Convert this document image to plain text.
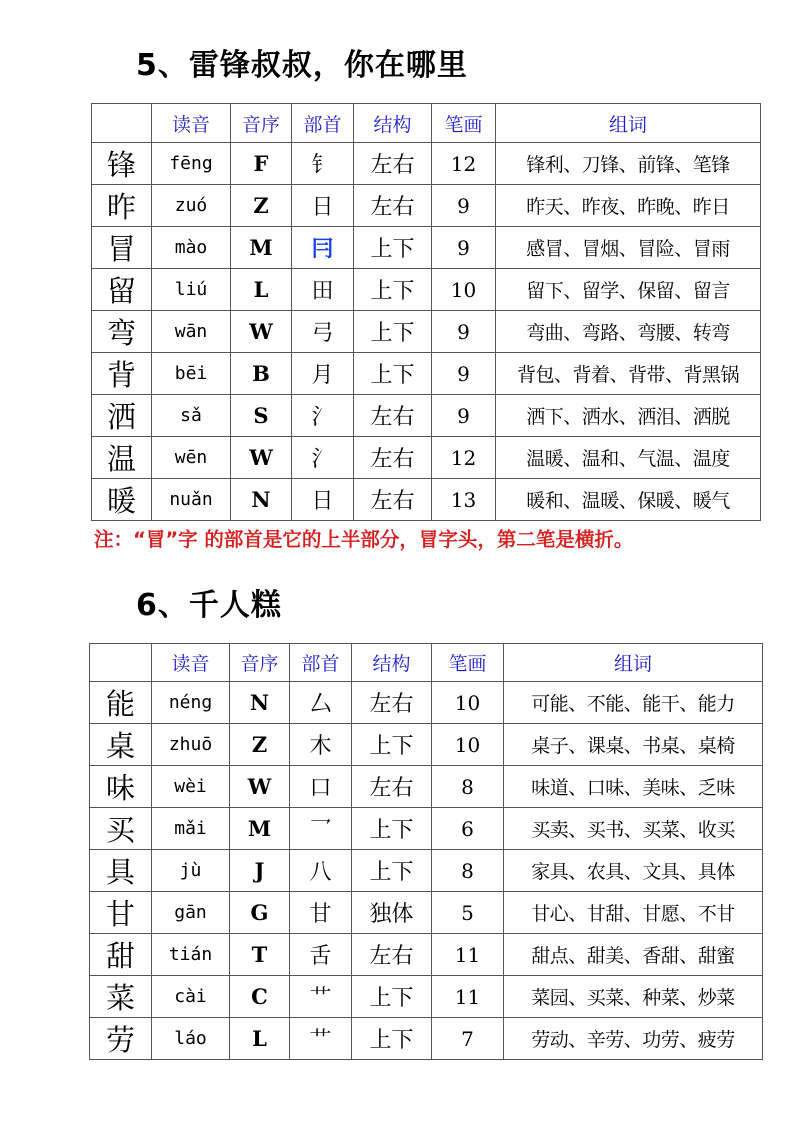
5、雷锋叔叔，你在哪里
	读音	音序	部首	结构	笔画	组词
锋	fēng	F	钅	左右	12	锋利、刀锋、前锋、笔锋
昨	zuó	Z	日	左右	9	昨天、昨夜、昨晚、昨日
冒	mào	M	冃	上下	9	感冒、冒烟、冒险、冒雨
留	liú	L	田	上下	10	留下、留学、保留、留言
弯	wān	W	弓	上下	9	弯曲、弯路、弯腰、转弯
背	bēi	B	月	上下	9	背包、背着、背带、背黑锅
洒	sǎ	S	氵	左右	9	洒下、洒水、洒泪、洒脱
温	wēn	W	氵	左右	12	温暖、温和、气温、温度
暖	nuǎn	N	日	左右	13	暖和、温暖、保暖、暖气
注：“冒”字 的部首是它的上半部分，冒字头，第二笔是横折。
6、千人糕
	读音	音序	部首	结构	笔画	组词
能	néng	N	厶	左右	10	可能、不能、能干、能力
桌	zhuō	Z	木	上下	10	桌子、课桌、书桌、桌椅
味	wèi	W	口	左右	8	味道、口味、美味、乏味
买	mǎi	M	乛	上下	6	买卖、买书、买菜、收买
具	jù	J	八	上下	8	家具、农具、文具、具体
甘	gān	G	甘	独体	5	甘心、甘甜、甘愿、不甘
甜	tián	T	舌	左右	11	甜点、甜美、香甜、甜蜜
菜	cài	C	艹	上下	11	菜园、买菜、种菜、炒菜
劳	láo	L	艹	上下	7	劳动、辛劳、功劳、疲劳
